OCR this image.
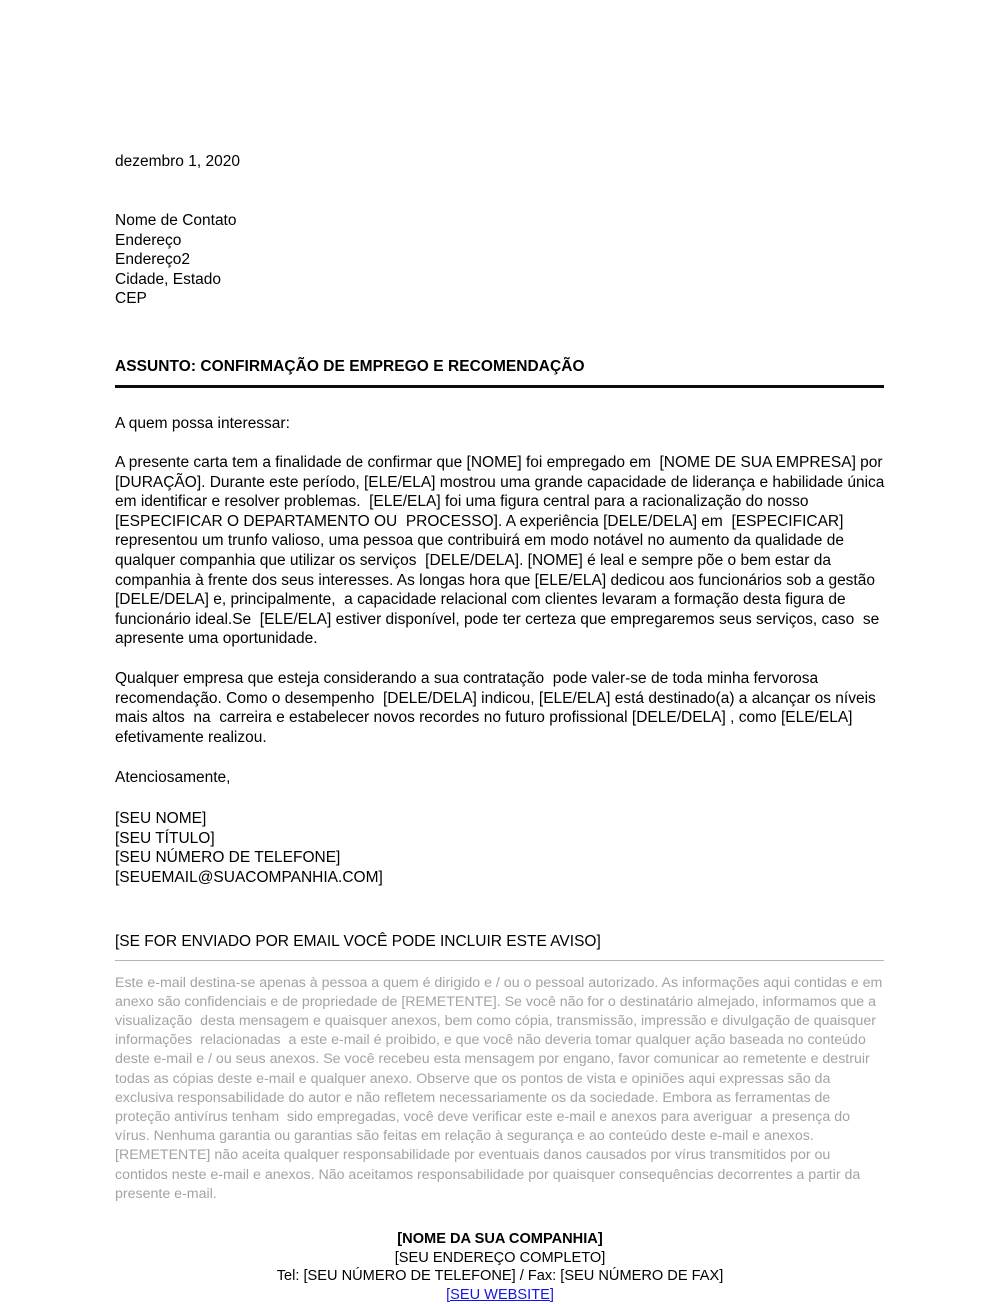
dezembro 1, 2020
Nome de Contato
Endereço
Endereço2
Cidade, Estado
CEP
ASSUNTO: CONFIRMAÇÃO DE EMPREGO E RECOMENDAÇÃO
A quem possa interessar:
A presente carta tem a finalidade de confirmar que [NOME] foi empregado em  [NOME DE SUA EMPRESA] por [DURAÇÃO]. Durante este período, [ELE/ELA] mostrou uma grande capacidade de liderança e habilidade única em identificar e resolver problemas.  [ELE/ELA] foi uma figura central para a racionalização do nosso [ESPECIFICAR O DEPARTAMENTO OU  PROCESSO]. A experiência [DELE/DELA] em  [ESPECIFICAR] representou um trunfo valioso, uma pessoa que contribuirá em modo notável no aumento da qualidade de qualquer companhia que utilizar os serviços  [DELE/DELA]. [NOME] é leal e sempre põe o bem estar da companhia à frente dos seus interesses. As longas hora que [ELE/ELA] dedicou aos funcionários sob a gestão  [DELE/DELA] e, principalmente,  a capacidade relacional com clientes levaram a formação desta figura de funcionário ideal.Se  [ELE/ELA] estiver disponível, pode ter certeza que empregaremos seus serviços, caso  se apresente uma oportunidade.
Qualquer empresa que esteja considerando a sua contratação  pode valer-se de toda minha fervorosa recomendação. Como o desempenho  [DELE/DELA] indicou, [ELE/ELA] está destinado(a) a alcançar os níveis mais altos  na  carreira e estabelecer novos recordes no futuro profissional [DELE/DELA] , como [ELE/ELA] efetivamente realizou.
Atenciosamente,
[SEU NOME]
[SEU TÍTULO]
[SEU NÚMERO DE TELEFONE]
[SEUEMAIL@SUACOMPANHIA.COM]
[SE FOR ENVIADO POR EMAIL VOCÊ PODE INCLUIR ESTE AVISO]
Este e-mail destina-se apenas à pessoa a quem é dirigido e / ou o pessoal autorizado. As informações aqui contidas e em anexo são confidenciais e de propriedade de [REMETENTE]. Se você não for o destinatário almejado, informamos que a visualização  desta mensagem e quaisquer anexos, bem como cópia, transmissão, impressão e divulgação de quaisquer informações  relacionadas  a este e-mail é proibido, e que você não deveria tomar qualquer ação baseada no conteúdo deste e-mail e / ou seus anexos. Se você recebeu esta mensagem por engano, favor comunicar ao remetente e destruir todas as cópias deste e-mail e qualquer anexo. Observe que os pontos de vista e opiniões aqui expressas são da exclusiva responsabilidade do autor e não refletem necessariamente os da sociedade. Embora as ferramentas de proteção antivírus tenham  sido empregadas, você deve verificar este e-mail e anexos para averiguar  a presença do vírus. Nenhuma garantia ou garantias são feitas em relação à segurança e ao conteúdo deste e-mail e anexos. [REMETENTE] não aceita qualquer responsabilidade por eventuais danos causados por vírus transmitidos por ou contidos neste e-mail e anexos. Não aceitamos responsabilidade por quaisquer consequências decorrentes a partir da presente e-mail.
[NOME DA SUA COMPANHIA]
[SEU ENDEREÇO COMPLETO]
Tel: [SEU NÚMERO DE TELEFONE] / Fax: [SEU NÚMERO DE FAX]
[SEU WEBSITE]
